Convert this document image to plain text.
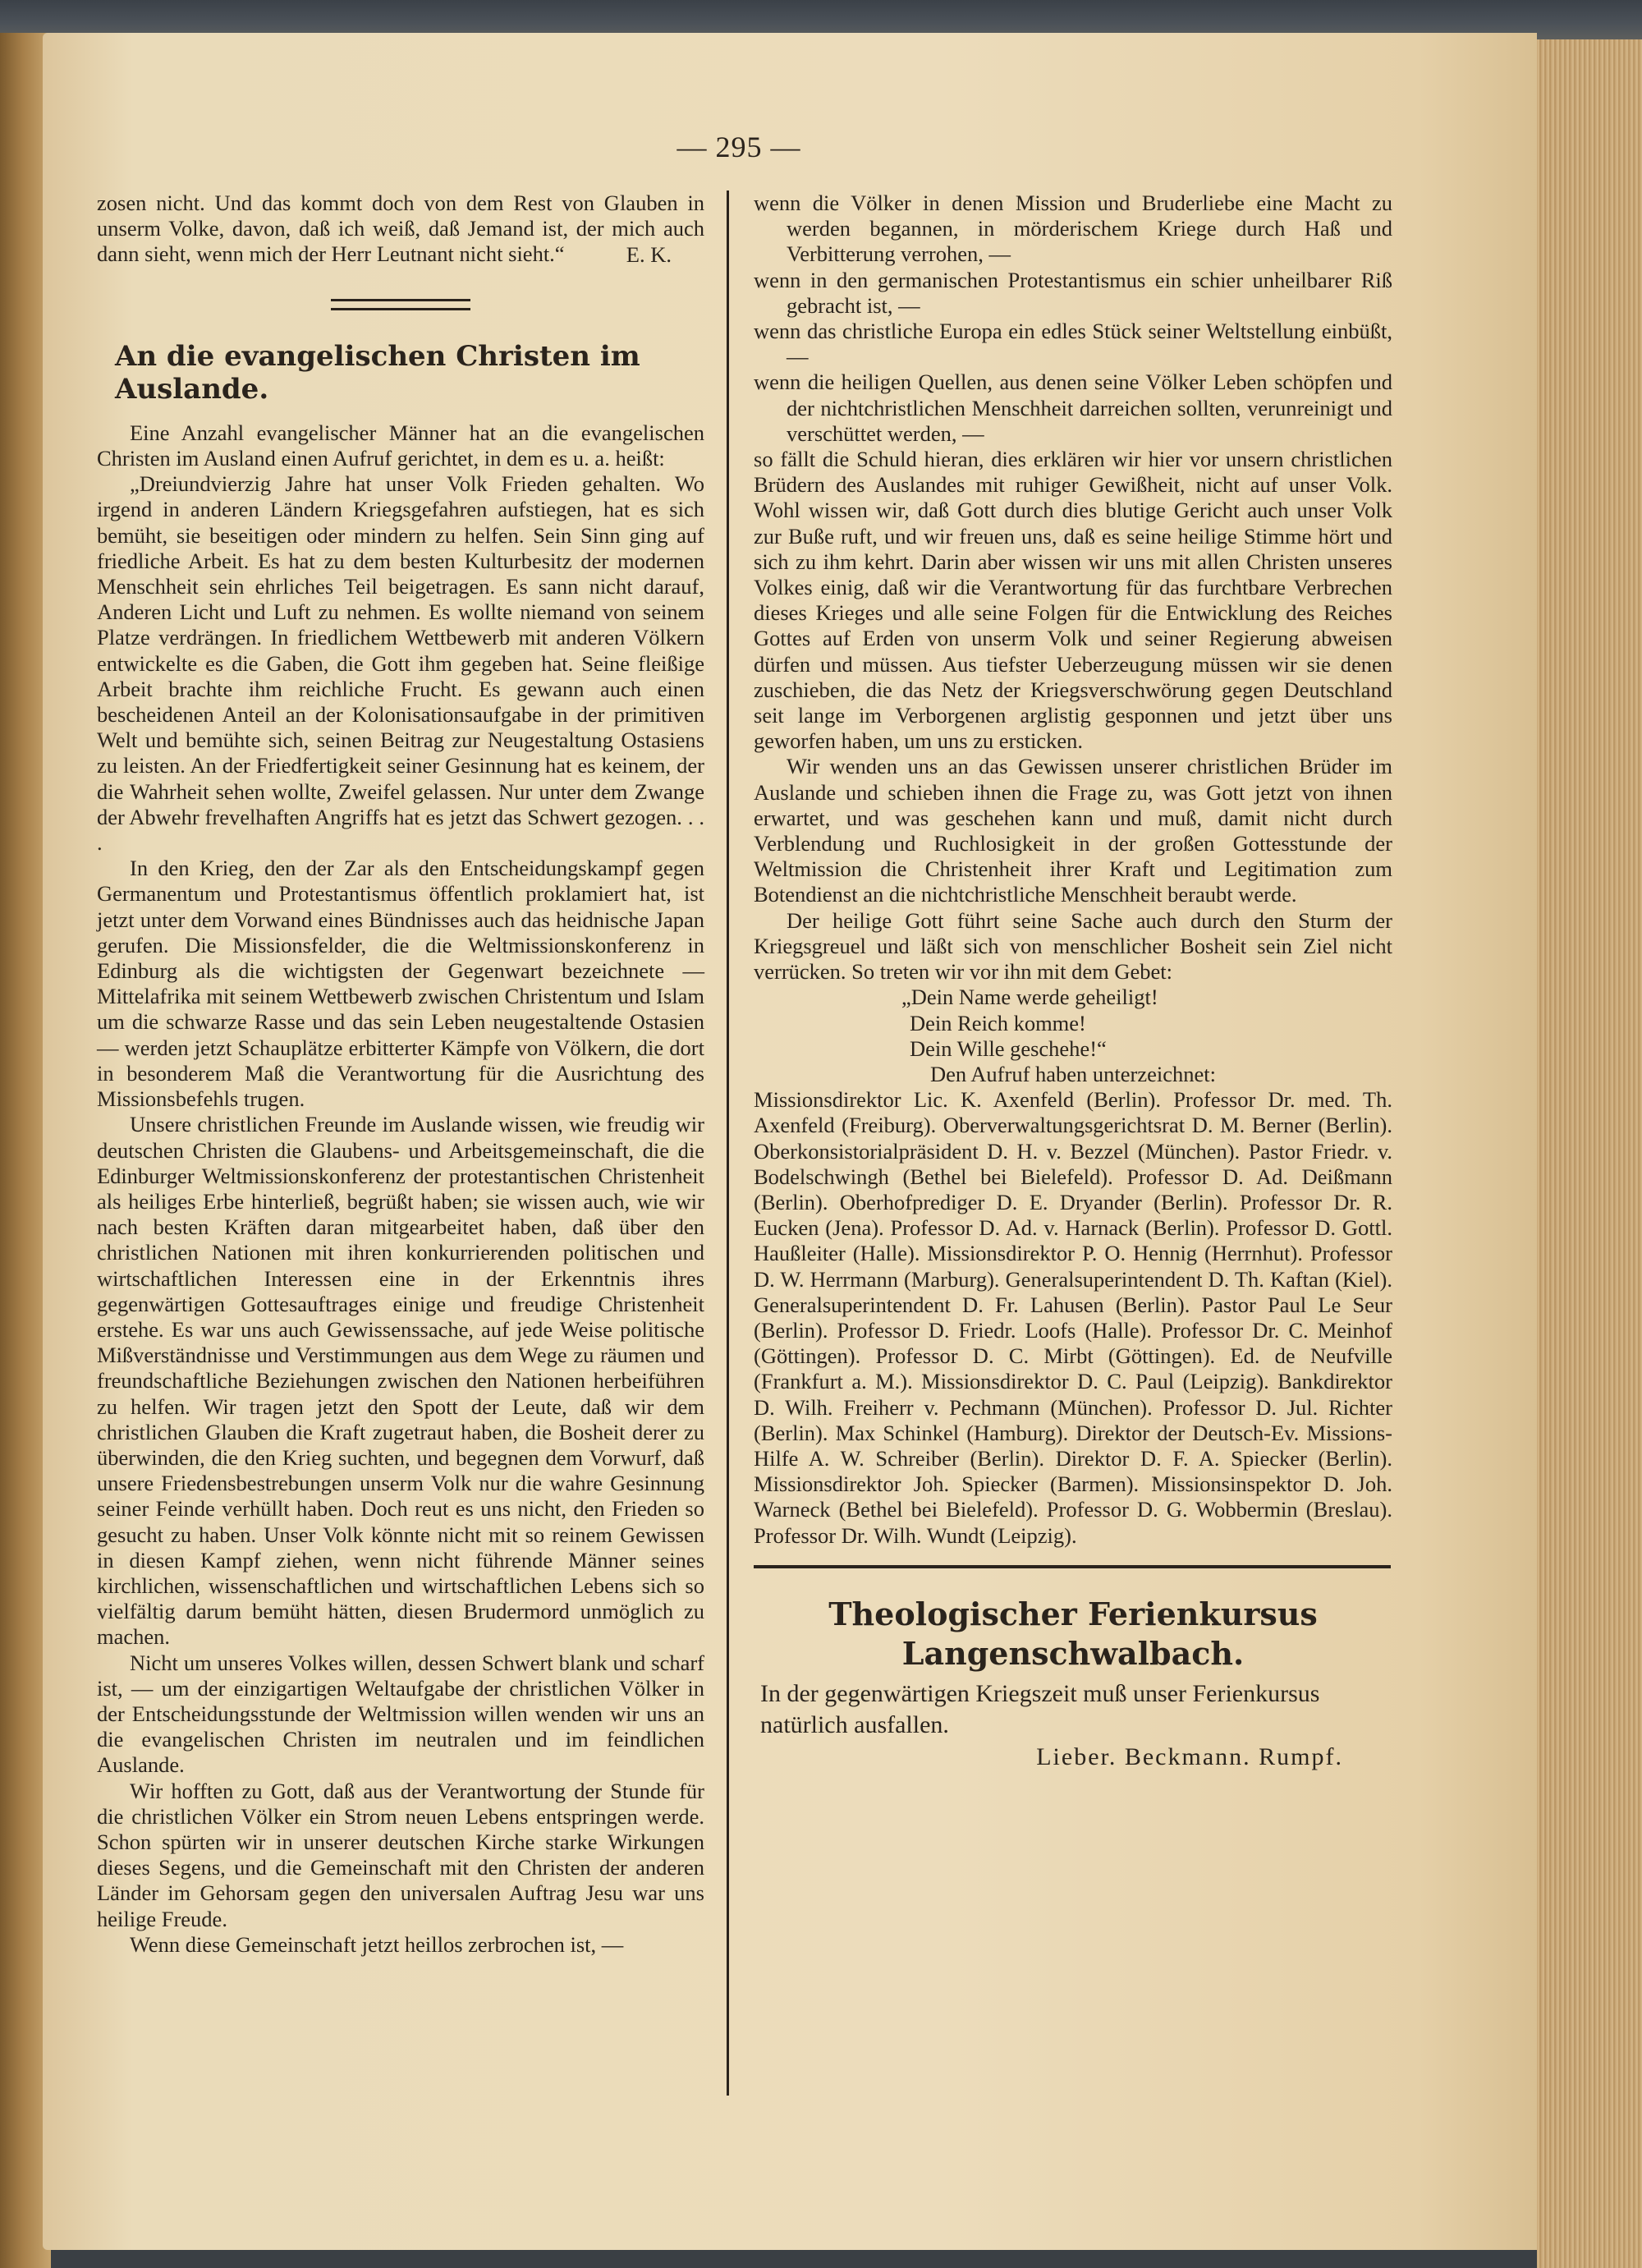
— 295 —

zosen nicht. Und das kommt doch von dem Rest von Glauben in unserm Volke, davon, daß ich weiß, daß Jemand ist, der mich auch dann sieht, wenn mich der Herr Leutnant nicht sieht.“	E. K.

An die evangelischen Christen im Auslande.

Eine Anzahl evangelischer Männer hat an die evangelischen Christen im Ausland einen Aufruf gerichtet, in dem es u. a. heißt:

„Dreiundvierzig Jahre hat unser Volk Frieden gehalten. Wo irgend in anderen Ländern Kriegsgefahren aufstiegen, hat es sich bemüht, sie beseitigen oder mindern zu helfen. Sein Sinn ging auf friedliche Arbeit. Es hat zu dem besten Kulturbesitz der modernen Menschheit sein ehrliches Teil beigetragen. Es sann nicht darauf, Anderen Licht und Luft zu nehmen. Es wollte niemand von seinem Platze verdrängen. In friedlichem Wettbewerb mit anderen Völkern entwickelte es die Gaben, die Gott ihm gegeben hat. Seine fleißige Arbeit brachte ihm reichliche Frucht. Es gewann auch einen bescheidenen Anteil an der Kolonisationsaufgabe in der primitiven Welt und bemühte sich, seinen Beitrag zur Neugestaltung Ostasiens zu leisten. An der Friedfertigkeit seiner Gesinnung hat es keinem, der die Wahrheit sehen wollte, Zweifel gelassen. Nur unter dem Zwange der Abwehr frevelhaften Angriffs hat es jetzt das Schwert gezogen. . . .

In den Krieg, den der Zar als den Entscheidungskampf gegen Germanentum und Protestantismus öffentlich proklamiert hat, ist jetzt unter dem Vorwand eines Bündnisses auch das heidnische Japan gerufen. Die Missionsfelder, die die Weltmissionskonferenz in Edinburg als die wichtigsten der Gegenwart bezeichnete — Mittelafrika mit seinem Wettbewerb zwischen Christentum und Islam um die schwarze Rasse und das sein Leben neugestaltende Ostasien — werden jetzt Schauplätze erbitterter Kämpfe von Völkern, die dort in besonderem Maß die Verantwortung für die Ausrichtung des Missionsbefehls trugen.

Unsere christlichen Freunde im Auslande wissen, wie freudig wir deutschen Christen die Glaubens- und Arbeitsgemeinschaft, die die Edinburger Weltmissionskonferenz der protestantischen Christenheit als heiliges Erbe hinterließ, begrüßt haben; sie wissen auch, wie wir nach besten Kräften daran mitgearbeitet haben, daß über den christlichen Nationen mit ihren konkurrierenden politischen und wirtschaftlichen Interessen eine in der Erkenntnis ihres gegenwärtigen Gottesauftrages einige und freudige Christenheit erstehe. Es war uns auch Gewissenssache, auf jede Weise politische Mißverständnisse und Verstimmungen aus dem Wege zu räumen und freundschaftliche Beziehungen zwischen den Nationen herbeiführen zu helfen. Wir tragen jetzt den Spott der Leute, daß wir dem christlichen Glauben die Kraft zugetraut haben, die Bosheit derer zu überwinden, die den Krieg suchten, und begegnen dem Vorwurf, daß unsere Friedensbestrebungen unserm Volk nur die wahre Gesinnung seiner Feinde verhüllt haben. Doch reut es uns nicht, den Frieden so gesucht zu haben. Unser Volk könnte nicht mit so reinem Gewissen in diesen Kampf ziehen, wenn nicht führende Männer seines kirchlichen, wissenschaftlichen und wirtschaftlichen Lebens sich so vielfältig darum bemüht hätten, diesen Brudermord unmöglich zu machen.

Nicht um unseres Volkes willen, dessen Schwert blank und scharf ist, — um der einzigartigen Weltaufgabe der christlichen Völker in der Entscheidungsstunde der Weltmission willen wenden wir uns an die evangelischen Christen im neutralen und im feindlichen Auslande.

Wir hofften zu Gott, daß aus der Verantwortung der Stunde für die christlichen Völker ein Strom neuen Lebens entspringen werde. Schon spürten wir in unserer deutschen Kirche starke Wirkungen dieses Segens, und die Gemeinschaft mit den Christen der anderen Länder im Gehorsam gegen den universalen Auftrag Jesu war uns heilige Freude.

Wenn diese Gemeinschaft jetzt heillos zerbrochen ist, —

wenn die Völker in denen Mission und Bruderliebe eine Macht zu werden begannen, in mörderischem Kriege durch Haß und Verbitterung verrohen, —

wenn in den germanischen Protestantismus ein schier unheilbarer Riß gebracht ist, —

wenn das christliche Europa ein edles Stück seiner Weltstellung einbüßt, —

wenn die heiligen Quellen, aus denen seine Völker Leben schöpfen und der nichtchristlichen Menschheit darreichen sollten, verunreinigt und verschüttet werden, —

so fällt die Schuld hieran, dies erklären wir hier vor unsern christlichen Brüdern des Auslandes mit ruhiger Gewißheit, nicht auf unser Volk. Wohl wissen wir, daß Gott durch dies blutige Gericht auch unser Volk zur Buße ruft, und wir freuen uns, daß es seine heilige Stimme hört und sich zu ihm kehrt. Darin aber wissen wir uns mit allen Christen unseres Volkes einig, daß wir die Verantwortung für das furchtbare Verbrechen dieses Krieges und alle seine Folgen für die Entwicklung des Reiches Gottes auf Erden von unserm Volk und seiner Regierung abweisen dürfen und müssen. Aus tiefster Ueberzeugung müssen wir sie denen zuschieben, die das Netz der Kriegsverschwörung gegen Deutschland seit lange im Verborgenen arglistig gesponnen und jetzt über uns geworfen haben, um uns zu ersticken.

Wir wenden uns an das Gewissen unserer christlichen Brüder im Auslande und schieben ihnen die Frage zu, was Gott jetzt von ihnen erwartet, und was geschehen kann und muß, damit nicht durch Verblendung und Ruchlosigkeit in der großen Gottesstunde der Weltmission die Christenheit ihrer Kraft und Legitimation zum Botendienst an die nichtchristliche Menschheit beraubt werde.

Der heilige Gott führt seine Sache auch durch den Sturm der Kriegsgreuel und läßt sich von menschlicher Bosheit sein Ziel nicht verrücken. So treten wir vor ihn mit dem Gebet:

„Dein Name werde geheiligt!

Dein Reich komme!

Dein Wille geschehe!“

Den Aufruf haben unterzeichnet:

Missionsdirektor Lic. K. Axenfeld (Berlin). Professor Dr. med. Th. Axenfeld (Freiburg). Oberverwaltungsgerichtsrat D. M. Berner (Berlin). Oberkonsistorialpräsident D. H. v. Bezzel (München). Pastor Friedr. v. Bodelschwingh (Bethel bei Bielefeld). Professor D. Ad. Deißmann (Berlin). Oberhofprediger D. E. Dryander (Berlin). Professor Dr. R. Eucken (Jena). Professor D. Ad. v. Harnack (Berlin). Professor D. Gottl. Haußleiter (Halle). Missionsdirektor P. O. Hennig (Herrnhut). Professor D. W. Herrmann (Marburg). Generalsuperintendent D. Th. Kaftan (Kiel). Generalsuperintendent D. Fr. Lahusen (Berlin). Pastor Paul Le Seur (Berlin). Professor D. Friedr. Loofs (Halle). Professor Dr. C. Meinhof (Göttingen). Professor D. C. Mirbt (Göttingen). Ed. de Neufville (Frankfurt a. M.). Missionsdirektor D. C. Paul (Leipzig). Bankdirektor D. Wilh. Freiherr v. Pechmann (München). Professor D. Jul. Richter (Berlin). Max Schinkel (Hamburg). Direktor der Deutsch-Ev. Missions-Hilfe A. W. Schreiber (Berlin). Direktor D. F. A. Spiecker (Berlin). Missionsdirektor Joh. Spiecker (Barmen). Missionsinspektor D. Joh. Warneck (Bethel bei Bielefeld). Professor D. G. Wobbermin (Breslau). Professor Dr. Wilh. Wundt (Leipzig).

Theologischer Ferienkursus Langenschwalbach.

In der gegenwärtigen Kriegszeit muß unser Ferienkursus natürlich ausfallen.

Lieber. Beckmann. Rumpf.
